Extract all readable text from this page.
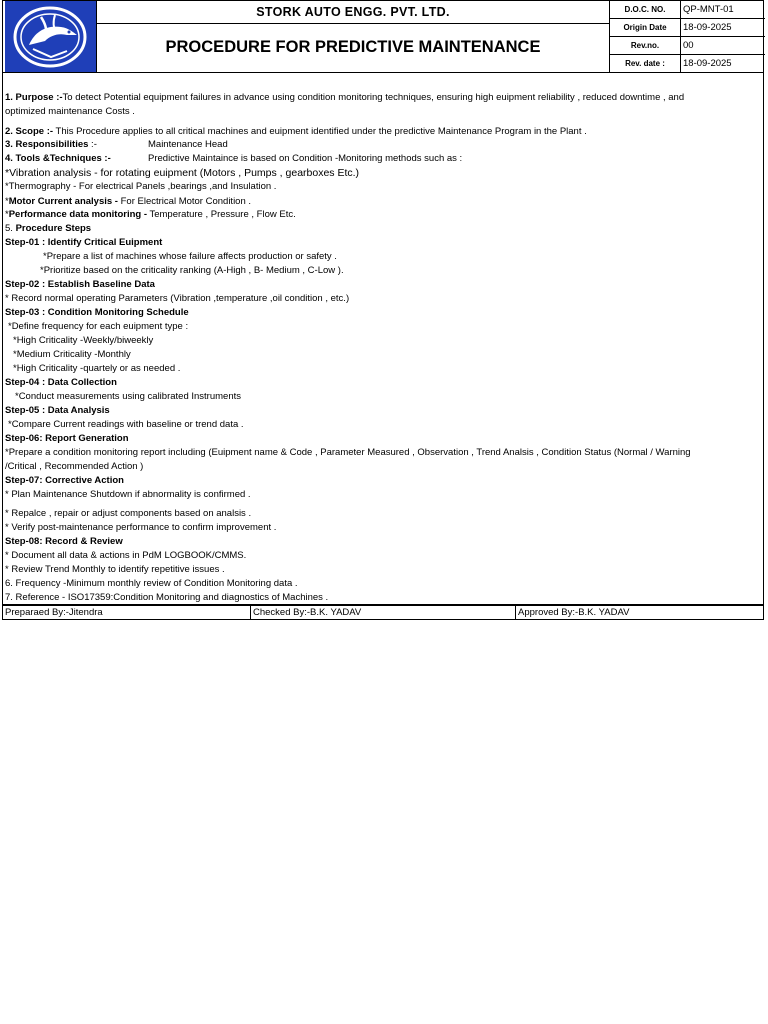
STORK AUTO ENGG. PVT. LTD.
PROCEDURE FOR PREDICTIVE MAINTENANCE
D.O.C. NO.	QP-MNT-01
Origin Date	18-09-2025
Rev.no.	00
Rev. date :	18-09-2025
1. Purpose :-To detect Potential equipment failures in advance using condition monitoring techniques, ensuring high euipment reliability , reduced downtime , and
optimized maintenance Costs .
2. Scope :- This Procedure applies to all critical machines and euipment identified under the predictive Maintenance Program in the Plant .
3. Responsibilities :-	Maintenance Head
4. Tools &Techniques :-	Predictive Maintaince is based on Condition -Monitoring methods such as :
*Vibration analysis - for rotating euipment (Motors , Pumps , gearboxes Etc.)
*Thermography - For electrical Panels ,bearings ,and Insulation .
*Motor Current analysis - For Electrical Motor Condition .
*Performance data monitoring - Temperature , Pressure , Flow Etc.
5. Procedure Steps
Step-01 : Identify Critical Euipment
*Prepare a list of machines whose failure affects production or safety .
*Prioritize based on the criticality ranking (A-High , B- Medium , C-Low ).
Step-02 : Establish Baseline Data
* Record normal operating Parameters (Vibration ,temperature ,oil condition , etc.)
Step-03 : Condition Monitoring Schedule
*Define frequency for each euipment type :
*High Criticality -Weekly/biweekly
*Medium Criticality -Monthly
*High Criticality -quartely or as needed .
Step-04 : Data Collection
*Conduct measurements using calibrated Instruments
Step-05 : Data Analysis
*Compare Current readings with baseline or trend data .
Step-06: Report Generation
*Prepare a condition monitoring report including (Euipment name & Code , Parameter Measured , Observation , Trend Analsis , Condition Status (Normal / Warning
/Critical , Recommended Action )
Step-07: Corrective Action
* Plan Maintenance Shutdown if abnormality is confirmed .
* Repalce , repair or adjust components based on analsis .
* Verify post-maintenance performance to confirm improvement .
Step-08: Record & Review
* Document all data & actions in PdM LOGBOOK/CMMS.
* Review Trend Monthly to identify repetitive issues .
6. Frequency -Minimum monthly review of Condition Monitoring data .
7. Reference - ISO17359:Condition Monitoring and diagnostics of Machines .
Preparaed By:-Jitendra	Checked By:-B.K. YADAV	Approved By:-B.K. YADAV
